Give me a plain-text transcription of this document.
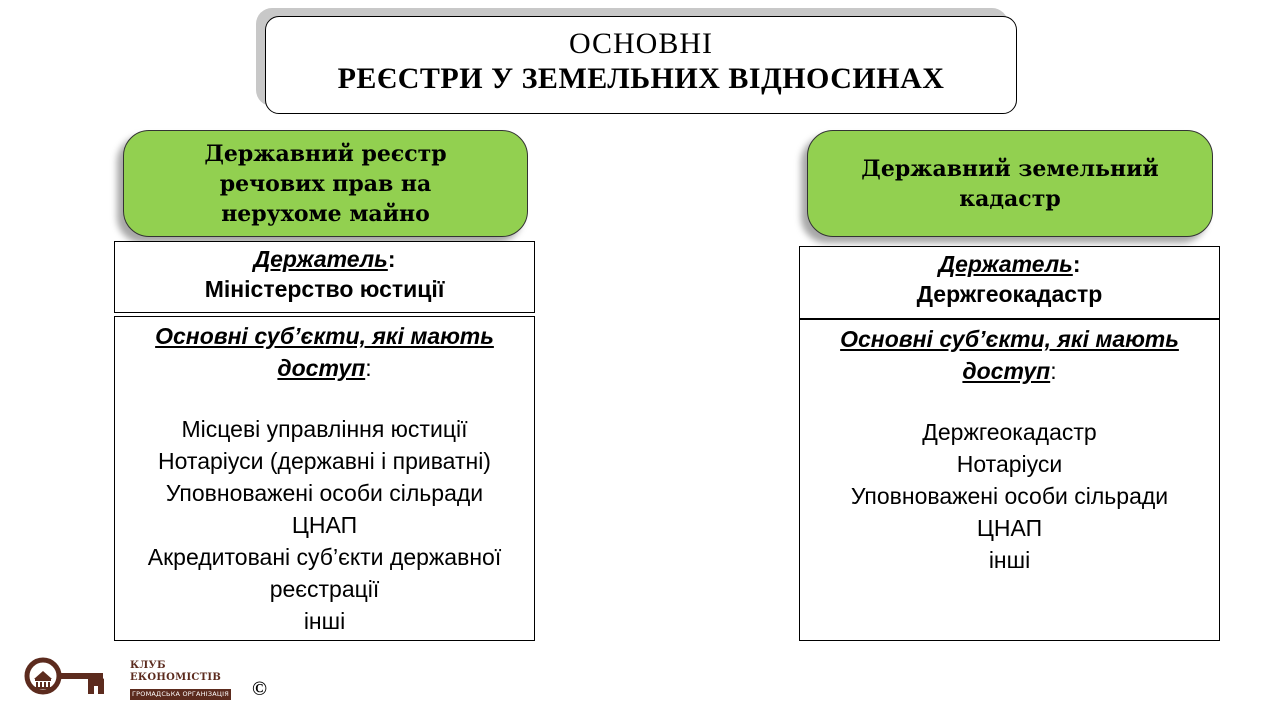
ОСНОВНІ
РЕЄСТРИ У ЗЕМЕЛЬНИХ ВІДНОСИНАХ
Державний реєстр
речових прав на
нерухоме майно
Держатель:
Міністерство юстиції
Основні суб’єкти, які мають
доступ:
Місцеві управління юстиції
Нотаріуси (державні і приватні)
Уповноважені особи сільради
ЦНАП
Акредитовані суб’єкти державної
реєстрації
інші
Державний земельний
кадастр
Держатель:
Держгеокадастр
Основні суб’єкти, які мають
доступ:
Держгеокадастр
Нотаріуси
Уповноважені особи сільради
ЦНАП
інші
КЛУБ
ЕКОНОМІСТІВ
ГРОМАДСЬКА ОРГАНІЗАЦІЯ ©
